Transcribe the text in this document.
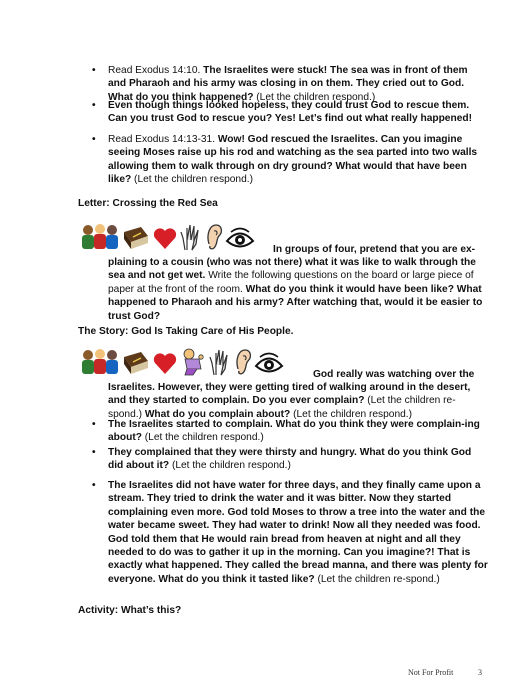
• Read Exodus 14:10. The Israelites were stuck! The sea was in front of them and Pharaoh and his army was closing in on them. They cried out to God. What do you think happened? (Let the children respond.)
• Even though things looked hopeless, they could trust God to rescue them. Can you trust God to rescue you? Yes! Let’s find out what really happened!
• Read Exodus 14:13-31. Wow! God rescued the Israelites. Can you imagine seeing Moses raise up his rod and watching as the sea parted into two walls allowing them to walk through on dry ground? What would that have been like? (Let the children respond.)
Letter: Crossing the Red Sea
In groups of four, pretend that you are ex-
plaining to a cousin (who was not there) what it was like to walk through the sea and not get wet. Write the following questions on the board or large piece of paper at the front of the room. What do you think it would have been like? What happened to Pharaoh and his army? After watching that, would it be easier to trust God?
The Story: God Is Taking Care of His People.
God really was watching over the
Israelites. However, they were getting tired of walking around in the desert, and they started to complain. Do you ever complain? (Let the children re-spond.) What do you complain about? (Let the children respond.)
• The Israelites started to complain. What do you think they were complain-ing about? (Let the children respond.)
• They complained that they were thirsty and hungry. What do you think God did about it? (Let the children respond.)
• The Israelites did not have water for three days, and they finally came upon a stream. They tried to drink the water and it was bitter. Now they started complaining even more. God told Moses to throw a tree into the water and the water became sweet. They had water to drink! Now all they needed was food. God told them that He would rain bread from heaven at night and all they needed to do was to gather it up in the morning. Can you imagine?! That is exactly what happened. They called the bread manna, and there was plenty for everyone. What do you think it tasted like? (Let the children re-spond.)
Activity: What’s this?
Not For Profit	3
